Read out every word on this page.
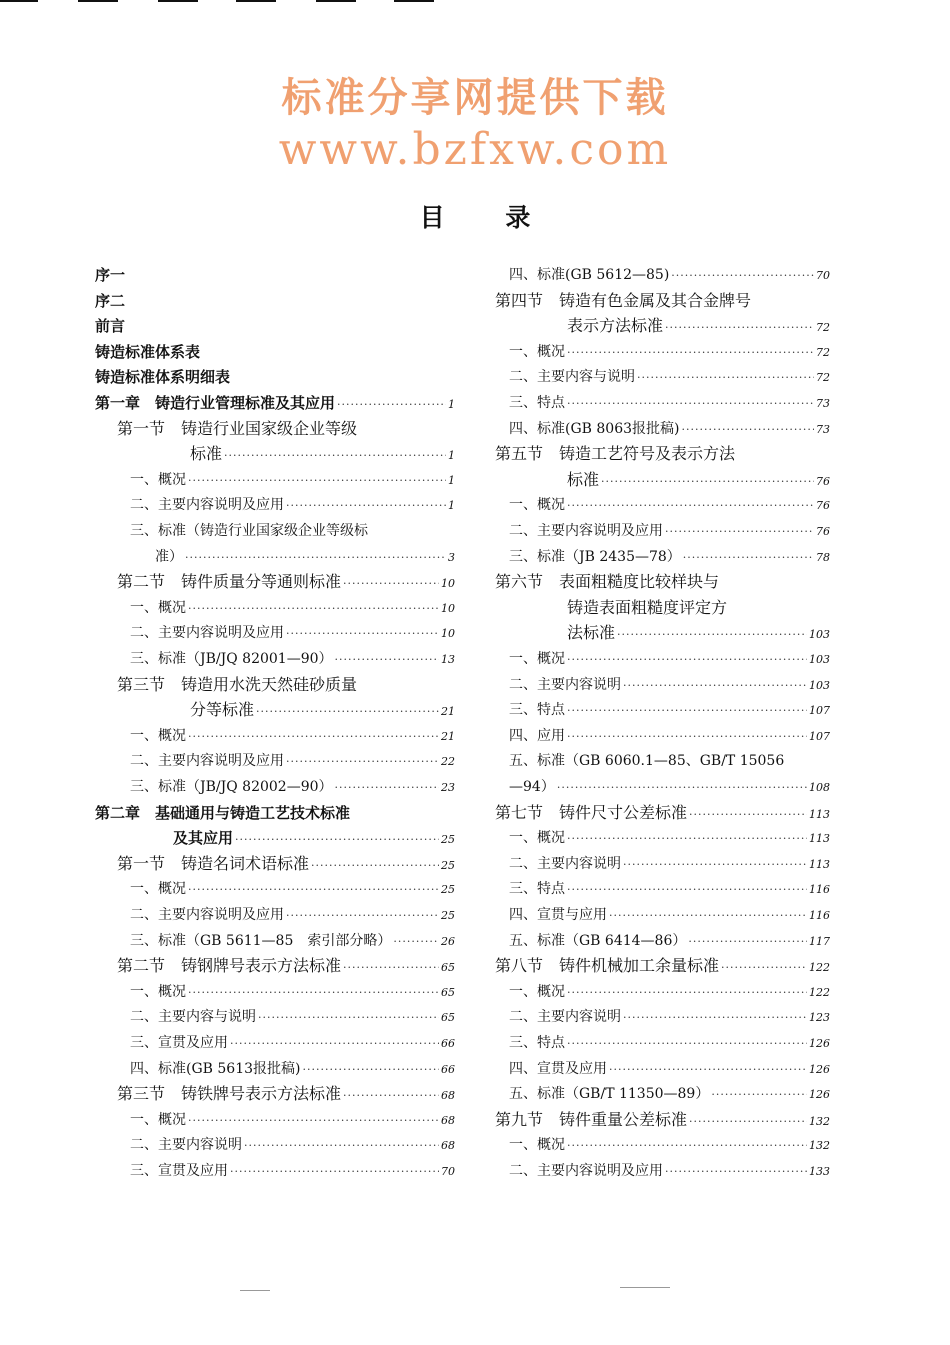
标准分享网提供下载
www.bzfxw.com
目 录
序一
序二
前言
铸造标准体系表
铸造标准体系明细表
第一章　铸造行业管理标准及其应用 ·····	1
第一节　铸造行业国家级企业等级
标准 ·····	1
一、概况 ·····	1
二、主要内容说明及应用 ·····	1
三、标准（铸造行业国家级企业等级标
准） ·····	3
第二节　铸件质量分等通则标准 ·····	10
一、概况 ·····	10
二、主要内容说明及应用 ·····	10
三、标准（JB/JQ 82001—90） ·····	13
第三节　铸造用水洗天然硅砂质量
分等标准 ·····	21
一、概况 ·····	21
二、主要内容说明及应用 ·····	22
三、标准（JB/JQ 82002—90） ·····	23
第二章　基础通用与铸造工艺技术标准
及其应用 ·····	25
第一节　铸造名词术语标准 ·····	25
一、概况 ·····	25
二、主要内容说明及应用 ·····	25
三、标准（GB 5611—85　索引部分略） ·····	26
第二节　铸钢牌号表示方法标准 ·····	65
一、概况 ·····	65
二、主要内容与说明 ·····	65
三、宣贯及应用 ·····	66
四、标准(GB 5613报批稿) ·····	66
第三节　铸铁牌号表示方法标准 ·····	68
一、概况 ·····	68
二、主要内容说明 ·····	68
三、宣贯及应用 ·····	70
四、标准(GB 5612—85) ·····	70
第四节　铸造有色金属及其合金牌号
表示方法标准 ·····	72
一、概况 ·····	72
二、主要内容与说明 ·····	72
三、特点 ·····	73
四、标准(GB 8063报批稿) ·····	73
第五节　铸造工艺符号及表示方法
标准 ·····	76
一、概况 ·····	76
二、主要内容说明及应用 ·····	76
三、标准（JB 2435—78） ·····	78
第六节　表面粗糙度比较样块与
铸造表面粗糙度评定方
法标准 ·····	103
一、概况 ·····	103
二、主要内容说明 ·····	103
三、特点 ·····	107
四、应用 ·····	107
五、标准（GB 6060.1—85、GB/T 15056
—94） ·····	108
第七节　铸件尺寸公差标准 ·····	113
一、概况 ·····	113
二、主要内容说明 ·····	113
三、特点 ·····	116
四、宣贯与应用 ·····	116
五、标准（GB 6414—86） ·····	117
第八节　铸件机械加工余量标准 ·····	122
一、概况 ·····	122
二、主要内容说明 ·····	123
三、特点 ·····	126
四、宣贯及应用 ·····	126
五、标准（GB/T 11350—89） ·····	126
第九节　铸件重量公差标准 ·····	132
一、概况 ·····	132
二、主要内容说明及应用 ·····	133
